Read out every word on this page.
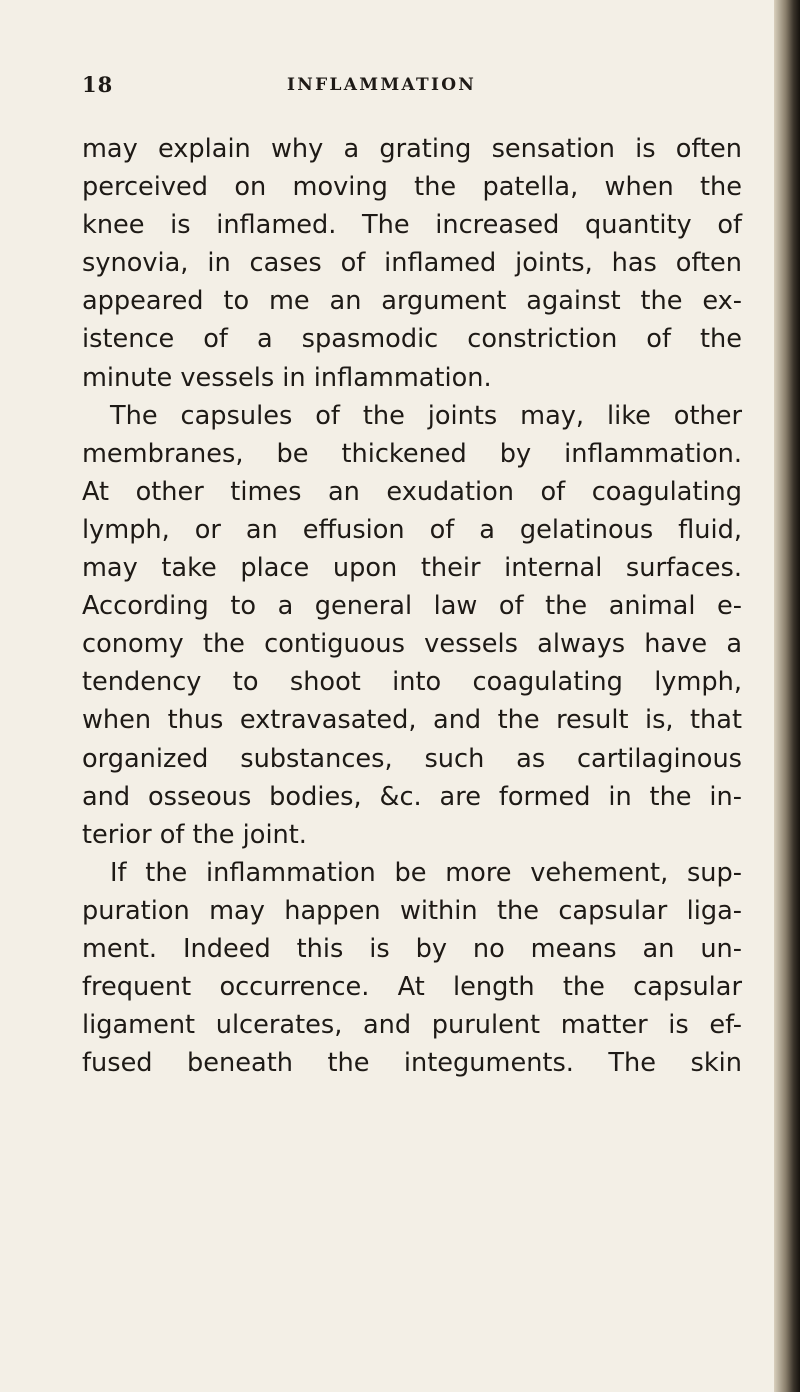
18	INFLAMMATION
may explain why a grating sensation is often
perceived on moving the patella, when the
knee is inflamed. The increased quantity of
synovia, in cases of inflamed joints, has often
appeared to me an argument against the ex-
istence of a spasmodic constriction of the
minute vessels in inflammation.
The capsules of the joints may, like other
membranes, be thickened by inflammation.
At other times an exudation of coagulating
lymph, or an effusion of a gelatinous fluid,
may take place upon their internal surfaces.
According to a general law of the animal e-
conomy the contiguous vessels always have a
tendency to shoot into coagulating lymph,
when thus extravasated, and the result is, that
organized substances, such as cartilaginous
and osseous bodies, &c. are formed in the in-
terior of the joint.
If the inflammation be more vehement, sup-
puration may happen within the capsular liga-
ment. Indeed this is by no means an un-
frequent occurrence. At length the capsular
ligament ulcerates, and purulent matter is ef-
fused beneath the integuments. The skin
